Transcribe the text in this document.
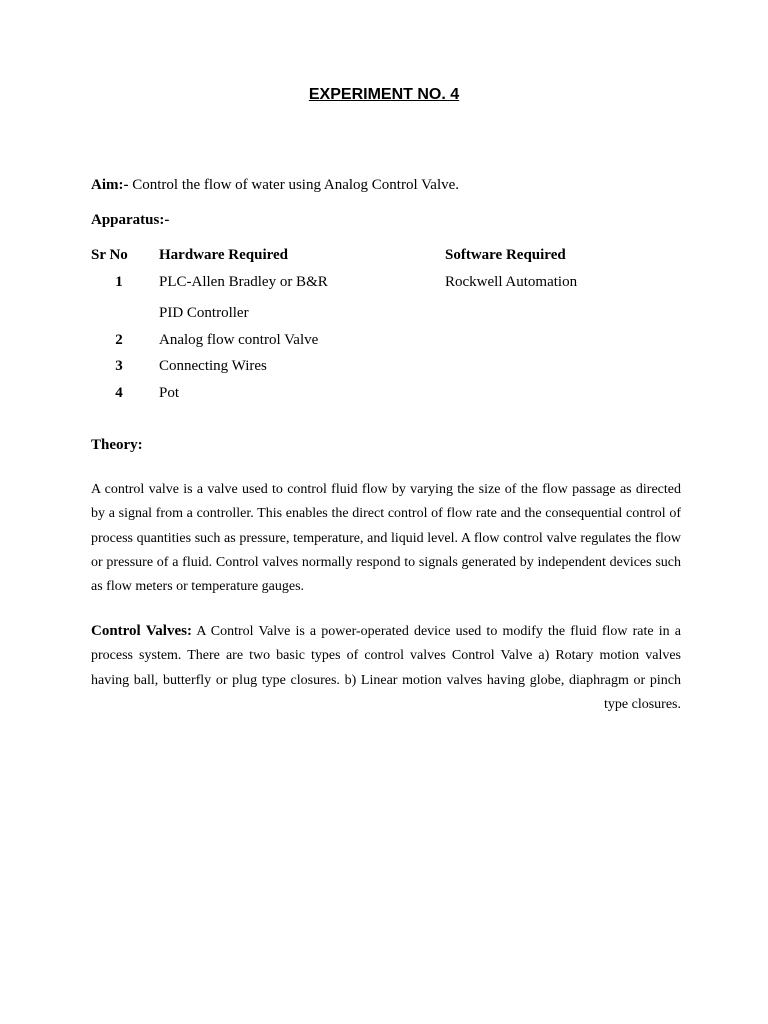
EXPERIMENT NO. 4
Aim:- Control the flow of water using Analog Control Valve.
Apparatus:-
Sr No Hardware Required	Software Required
1 PLC-Allen Bradley or B&R	Rockwell Automation
PID Controller
2 Analog flow control Valve
3 Connecting Wires
4 Pot
Theory:
A control valve is a valve used to control fluid flow by varying the size of the flow passage as directed by a signal from a controller. This enables the direct control of flow rate and the consequential control of process quantities such as pressure, temperature, and liquid level. A flow control valve regulates the flow or pressure of a fluid. Control valves normally respond to signals generated by independent devices such as flow meters or temperature gauges.
Control Valves: A Control Valve is a power-operated device used to modify the fluid flow rate in a process system. There are two basic types of control valves Control Valve a) Rotary motion valves having ball, butterfly or plug type closures. b) Linear motion valves having globe, diaphragm or pinch type closures.
